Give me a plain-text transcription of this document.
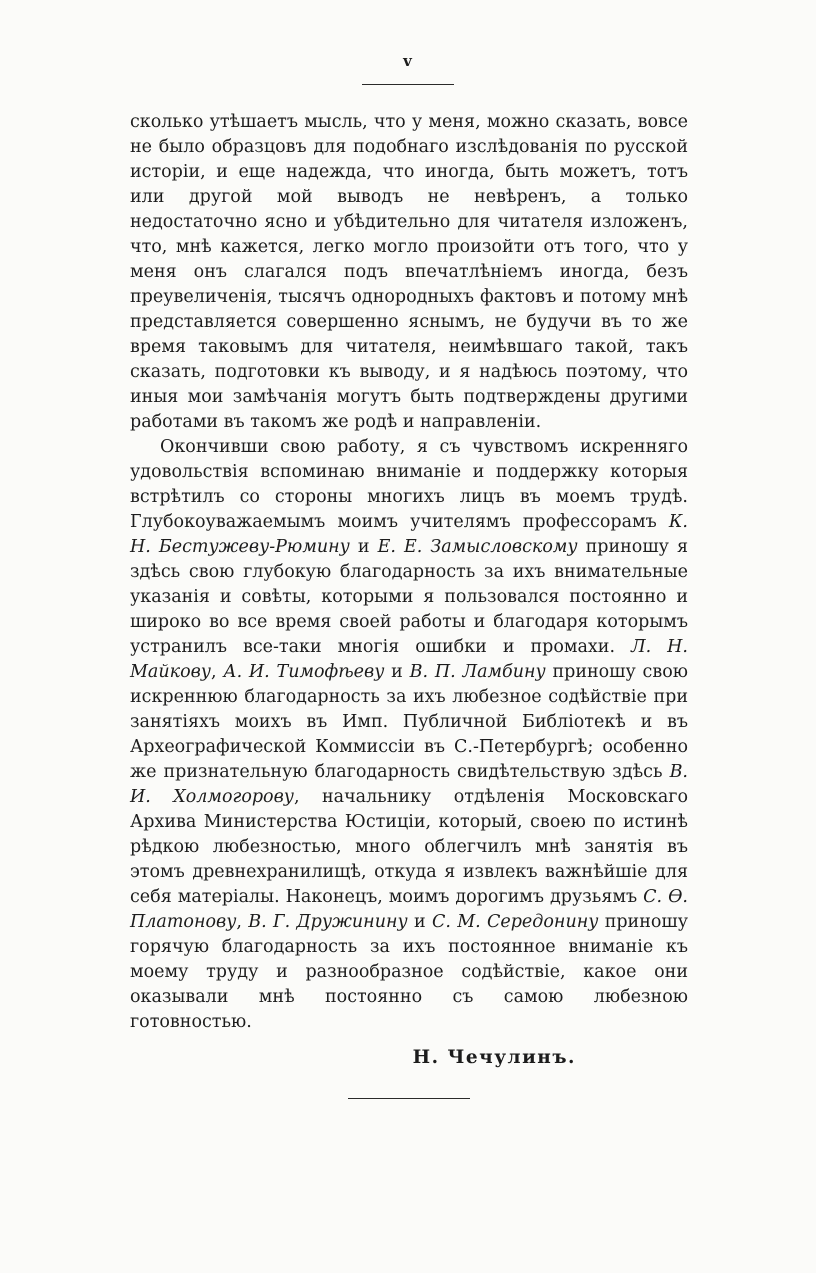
v

сколько утѣшаетъ мысль, что у меня, можно сказать, вовсе не было образцовъ для подобнаго изслѣдованія по русской исторіи, и еще надежда, что иногда, быть можетъ, тотъ или другой мой выводъ не невѣренъ, а только недостаточно ясно и убѣдительно для читателя изложенъ, что, мнѣ кажется, легко могло произойти отъ того, что у меня онъ слагался подъ впечатлѣніемъ иногда, безъ преувеличенія, тысячъ однородныхъ фактовъ и потому мнѣ представляется совершенно яснымъ, не будучи въ то же время таковымъ для читателя, неимѣвшаго такой, такъ сказать, подготовки къ выводу, и я надѣюсь поэтому, что иныя мои замѣчанія могутъ быть подтверждены другими работами въ такомъ же родѣ и направленіи.

Окончивши свою работу, я съ чувствомъ искренняго удовольствія вспоминаю вниманіе и поддержку которыя встрѣтилъ со стороны многихъ лицъ въ моемъ трудѣ. Глубокоуважаемымъ моимъ учителямъ профессорамъ К. Н. Бестужеву-Рюмину и Е. Е. Замысловскому приношу я здѣсь свою глубокую благодарность за ихъ внимательные указанія и совѣты, которыми я пользовался постоянно и широко во все время своей работы и благодаря которымъ устранилъ все-таки многія ошибки и промахи. Л. Н. Майкову, А. И. Тимофѣеву и В. П. Ламбину приношу свою искреннюю благодарность за ихъ любезное содѣйствіе при занятіяхъ моихъ въ Имп. Публичной Библіотекѣ и въ Археографической Коммиссіи въ С.-Петербургѣ; особенно же признательную благодарность свидѣтельствую здѣсь В. И. Холмогорову, начальнику отдѣленія Московскаго Архива Министерства Юстиціи, который, своею по истинѣ рѣдкою любезностью, много облегчилъ мнѣ занятія въ этомъ древнехранилищѣ, откуда я извлекъ важнѣйшіе для себя матеріалы. Наконецъ, моимъ дорогимъ друзьямъ С. Ѳ. Платонову, В. Г. Дружинину и С. М. Середонину приношу горячую благодарность за ихъ постоянное вниманіе къ моему труду и разнообразное содѣйствіе, какое они оказывали мнѣ постоянно съ самою любезною готовностью.

Н. Чечулинъ.
